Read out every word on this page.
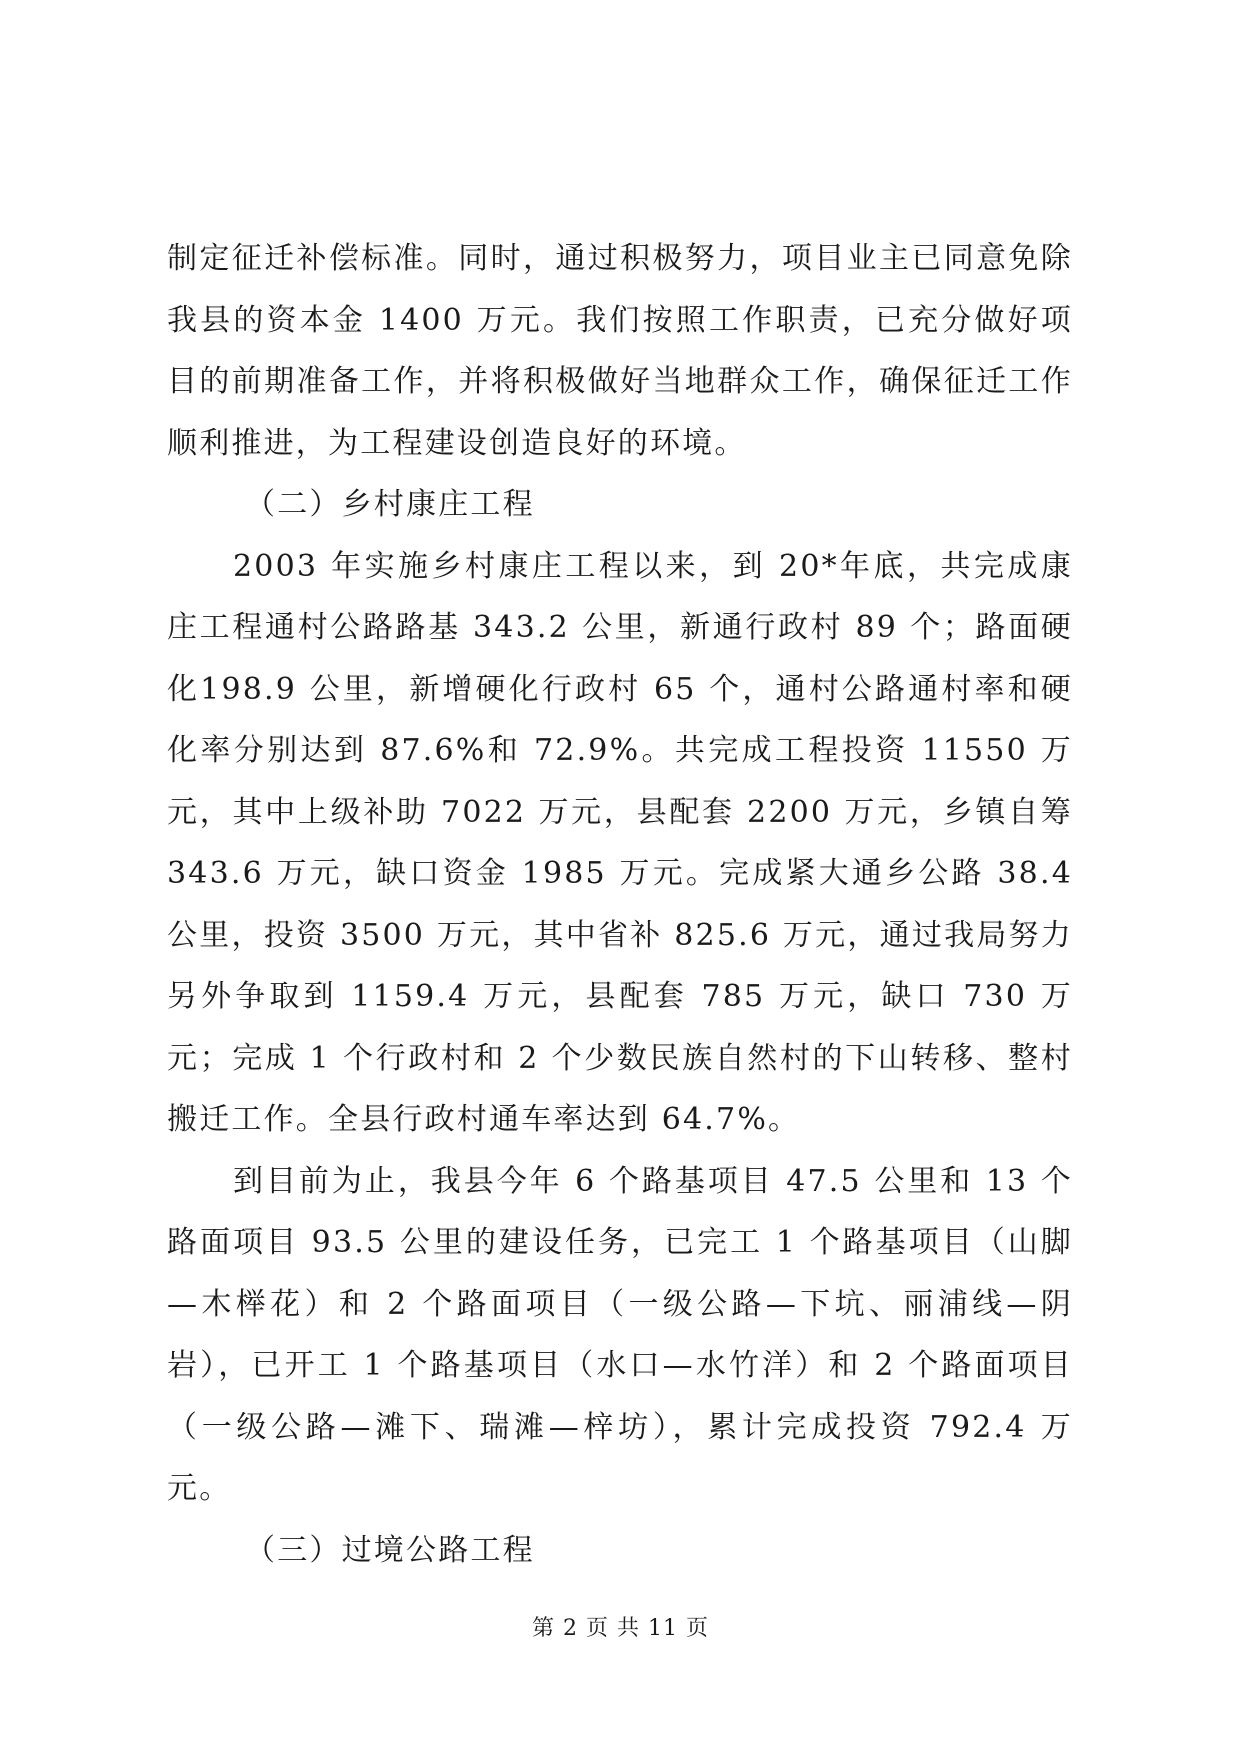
制定征迁补偿标准。同时，通过积极努力，项目业主已同意免除我县的资本金 1400 万元。我们按照工作职责，已充分做好项目的前期准备工作，并将积极做好当地群众工作，确保征迁工作顺利推进，为工程建设创造良好的环境。

（二）乡村康庄工程

2003 年实施乡村康庄工程以来，到 20*年底，共完成康庄工程通村公路路基 343.2 公里，新通行政村 89 个；路面硬化198.9 公里，新增硬化行政村 65 个，通村公路通村率和硬化率分别达到 87.6%和 72.9%。共完成工程投资 11550 万元，其中上级补助 7022 万元，县配套 2200 万元，乡镇自筹 343.6 万元，缺口资金 1985 万元。完成紧大通乡公路 38.4 公里，投资 3500 万元，其中省补 825.6 万元，通过我局努力另外争取到 1159.4 万元，县配套 785 万元，缺口 730 万元；完成 1 个行政村和 2 个少数民族自然村的下山转移、整村搬迁工作。全县行政村通车率达到 64.7%。

到目前为止，我县今年 6 个路基项目 47.5 公里和 13 个路面项目 93.5 公里的建设任务，已完工 1 个路基项目（山脚—木榉花）和 2 个路面项目（一级公路—下坑、丽浦线—阴岩），已开工 1 个路基项目（水口—水竹洋）和 2 个路面项目（一级公路—滩下、瑞滩—梓坊），累计完成投资 792.4 万元。

（三）过境公路工程

第 2 页 共 11 页
